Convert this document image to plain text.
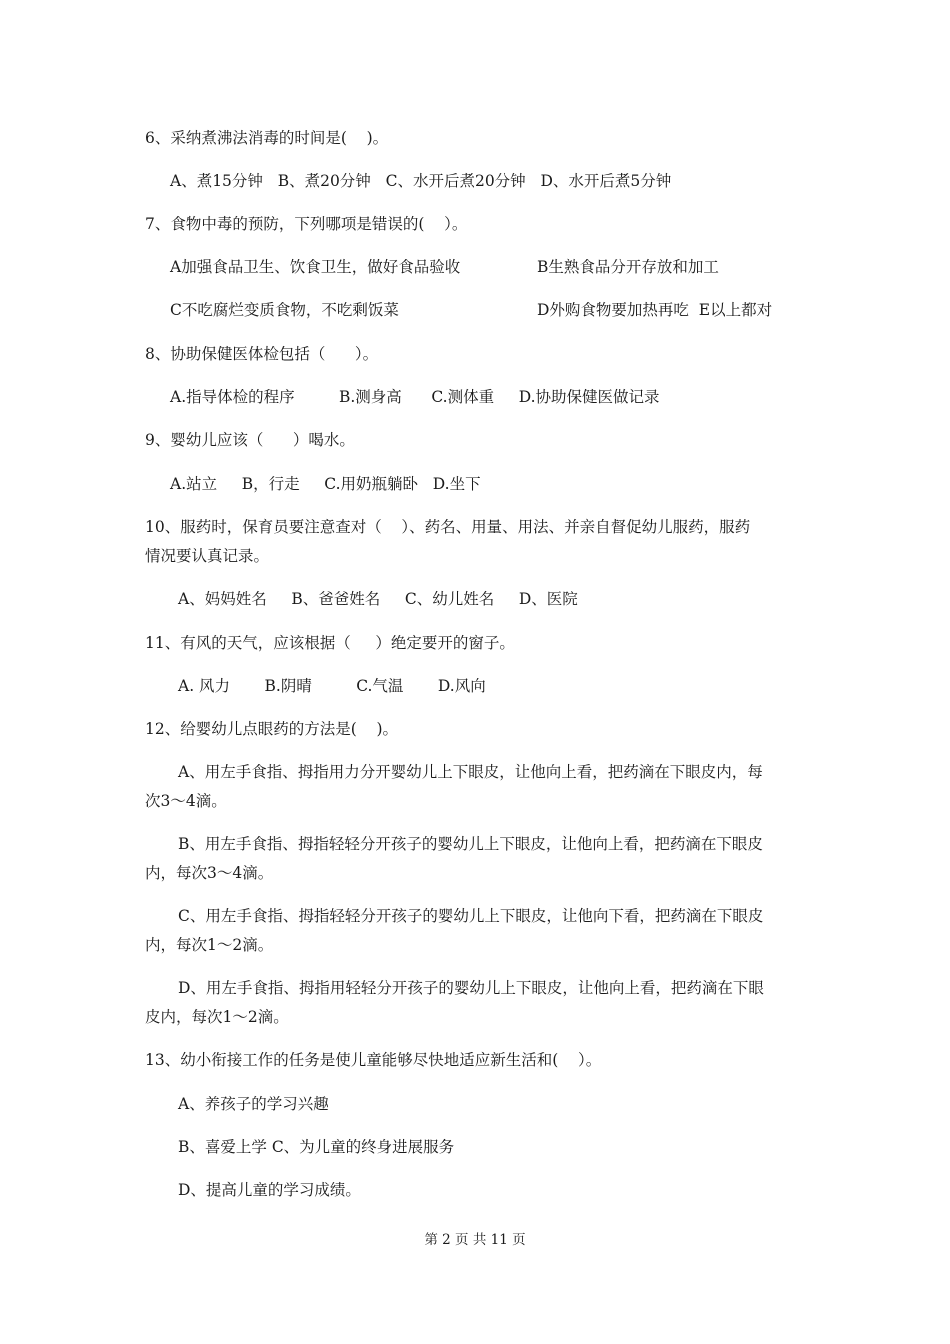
6、采纳煮沸法消毒的时间是(    )。
A、煮15分钟   B、煮20分钟   C、水开后煮20分钟   D、水开后煮5分钟
7、食物中毒的预防，下列哪项是错误的(    ）。
A加强食品卫生、饮食卫生，做好食品验收	B生熟食品分开存放和加工
C不吃腐烂变质食物，不吃剩饭菜	D外购食物要加热再吃  E以上都对
8、协助保健医体检包括（      ）。
A.指导体检的程序         B.测身高      C.测体重     D.协助保健医做记录
9、婴幼儿应该（      ）喝水。
A.站立     B，行走     C.用奶瓶躺卧   D.坐下
10、服药时，保育员要注意查对（    ）、药名、用量、用法、并亲自督促幼儿服药，服药
情况要认真记录。
A、妈妈姓名     B、爸爸姓名     C、幼儿姓名     D、医院
11、有风的天气，应该根据（     ）绝定要开的窗子。
A. 风力       B.阴晴         C.气温       D.风向
12、给婴幼儿点眼药的方法是(    )。
A、用左手食指、拇指用力分开婴幼儿上下眼皮，让他向上看，把药滴在下眼皮内，每
次3～4滴。
B、用左手食指、拇指轻轻分开孩子的婴幼儿上下眼皮，让他向上看，把药滴在下眼皮
内，每次3～4滴。
C、用左手食指、拇指轻轻分开孩子的婴幼儿上下眼皮，让他向下看，把药滴在下眼皮
内，每次1～2滴。
D、用左手食指、拇指用轻轻分开孩子的婴幼儿上下眼皮，让他向上看，把药滴在下眼
皮内，每次1～2滴。
13、幼小衔接工作的任务是使儿童能够尽快地适应新生活和(    ）。
A、养孩子的学习兴趣
B、喜爱上学 C、为儿童的终身进展服务
D、提高儿童的学习成绩。
第 2 页 共 11 页
